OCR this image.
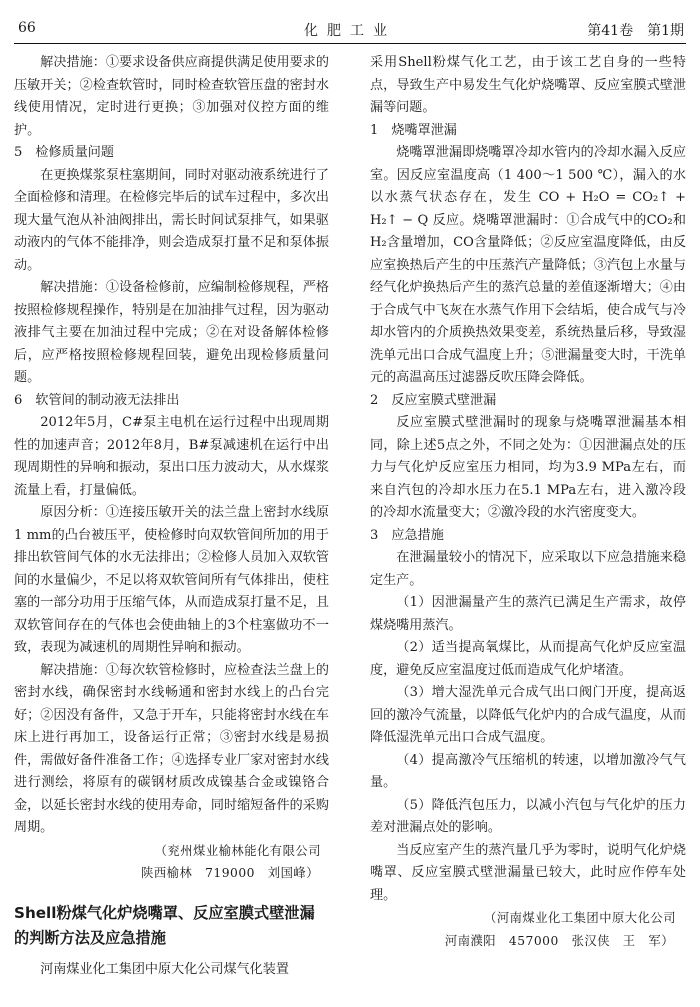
66	化肥工业	第41卷　第1期

解决措施：①要求设备供应商提供满足使用要求的压敏开关；②检查软管时，同时检查软管压盘的密封水线使用情况，定时进行更换；③加强对仪控方面的维护。

5　检修质量问题

在更换煤浆泵柱塞期间，同时对驱动液系统进行了全面检修和清理。在检修完毕后的试车过程中，多次出现大量气泡从补油阀排出，需长时间试泵排气，如果驱动液内的气体不能排净，则会造成泵打量不足和泵体振动。

解决措施：①设备检修前，应编制检修规程，严格按照检修规程操作，特别是在加油排气过程，因为驱动液排气主要在加油过程中完成；②在对设备解体检修后，应严格按照检修规程回装，避免出现检修质量问题。

6　软管间的制动液无法排出

2012年5月，C#泵主电机在运行过程中出现周期性的加速声音；2012年8月，B#泵减速机在运行中出现周期性的异响和振动，泵出口压力波动大，从水煤浆流量上看，打量偏低。

原因分析：①连接压敏开关的法兰盘上密封水线原1 mm的凸台被压平，使检修时向双软管间所加的用于排出软管间气体的水无法排出；②检修人员加入双软管间的水量偏少，不足以将双软管间所有气体排出，使柱塞的一部分功用于压缩气体，从而造成泵打量不足，且双软管间存在的气体也会使曲轴上的3个柱塞做功不一致，表现为减速机的周期性异响和振动。

解决措施：①每次软管检修时，应检查法兰盘上的密封水线，确保密封水线畅通和密封水线上的凸台完好；②因没有备件，又急于开车，只能将密封水线在车床上进行再加工，设备运行正常；③密封水线是易损件，需做好备件准备工作；④选择专业厂家对密封水线进行测绘，将原有的碳钢材质改成镍基合金或镍铬合金，以延长密封水线的使用寿命，同时缩短备件的采购周期。

（兖州煤业榆林能化有限公司

陕西榆林　719000　刘国峰）

Shell粉煤气化炉烧嘴罩、反应室膜式壁泄漏的判断方法及应急措施

河南煤业化工集团中原大化公司煤气化装置

采用Shell粉煤气化工艺，由于该工艺自身的一些特点，导致生产中易发生气化炉烧嘴罩、反应室膜式壁泄漏等问题。

1　烧嘴罩泄漏

烧嘴罩泄漏即烧嘴罩冷却水管内的冷却水漏入反应室。因反应室温度高（1 400～1 500 ℃），漏入的水以水蒸气状态存在，发生 CO + H₂O = CO₂↑ + H₂↑ − Q 反应。烧嘴罩泄漏时：①合成气中的CO₂和H₂含量增加，CO含量降低；②反应室温度降低，由反应室换热后产生的中压蒸汽产量降低；③汽包上水量与经气化炉换热后产生的蒸汽总量的差值逐渐增大；④由于合成气中飞灰在水蒸气作用下会结垢，使合成气与冷却水管内的介质换热效果变差，系统热量后移，导致湿洗单元出口合成气温度上升；⑤泄漏量变大时，干洗单元的高温高压过滤器反吹压降会降低。

2　反应室膜式壁泄漏

反应室膜式壁泄漏时的现象与烧嘴罩泄漏基本相同，除上述5点之外，不同之处为：①因泄漏点处的压力与气化炉反应室压力相同，均为3.9 MPa左右，而来自汽包的冷却水压力在5.1 MPa左右，进入激冷段的冷却水流量变大；②激冷段的水汽密度变大。

3　应急措施

在泄漏量较小的情况下，应采取以下应急措施来稳定生产。

（1）因泄漏量产生的蒸汽已满足生产需求，故停煤烧嘴用蒸汽。

（2）适当提高氧煤比，从而提高气化炉反应室温度，避免反应室温度过低而造成气化炉堵渣。

（3）增大湿洗单元合成气出口阀门开度，提高返回的激冷气流量，以降低气化炉内的合成气温度，从而降低湿洗单元出口合成气温度。

（4）提高激冷气压缩机的转速，以增加激冷气气量。

（5）降低汽包压力，以减小汽包与气化炉的压力差对泄漏点处的影响。

当反应室产生的蒸汽量几乎为零时，说明气化炉烧嘴罩、反应室膜式壁泄漏量已较大，此时应作停车处理。

（河南煤业化工集团中原大化公司

河南濮阳　457000　张汉侠　王　军）
